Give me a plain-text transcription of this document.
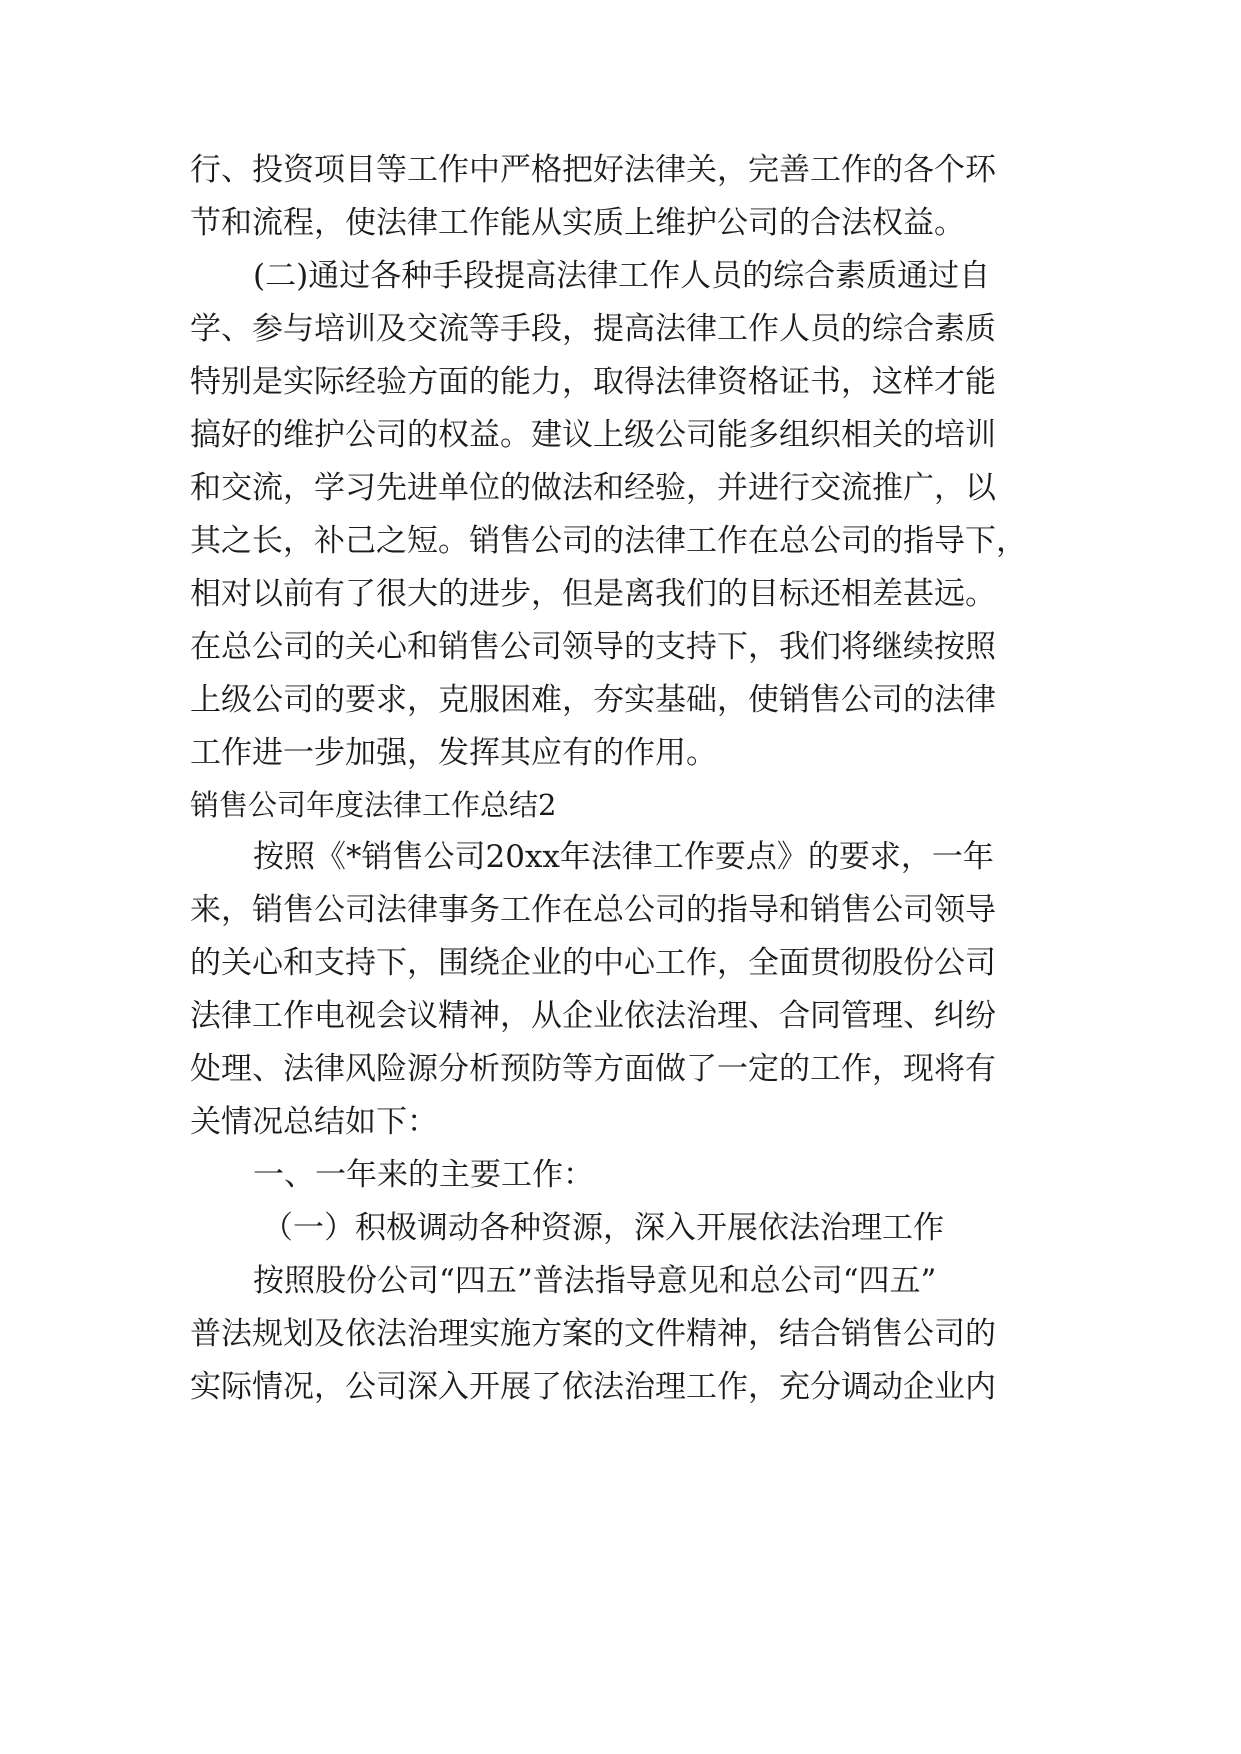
行、投资项目等工作中严格把好法律关，完善工作的各个环
节和流程，使法律工作能从实质上维护公司的合法权益。
(二)通过各种手段提高法律工作人员的综合素质通过自
学、参与培训及交流等手段，提高法律工作人员的综合素质
特别是实际经验方面的能力，取得法律资格证书，这样才能
搞好的维护公司的权益。建议上级公司能多组织相关的培训
和交流，学习先进单位的做法和经验，并进行交流推广，以
其之长，补己之短。销售公司的法律工作在总公司的指导下，
相对以前有了很大的进步，但是离我们的目标还相差甚远。
在总公司的关心和销售公司领导的支持下，我们将继续按照
上级公司的要求，克服困难，夯实基础，使销售公司的法律
工作进一步加强，发挥其应有的作用。
销售公司年度法律工作总结2
按照《*销售公司20xx年法律工作要点》的要求，一年
来，销售公司法律事务工作在总公司的指导和销售公司领导
的关心和支持下，围绕企业的中心工作，全面贯彻股份公司
法律工作电视会议精神，从企业依法治理、合同管理、纠纷
处理、法律风险源分析预防等方面做了一定的工作，现将有
关情况总结如下：
一、一年来的主要工作：
（一）积极调动各种资源，深入开展依法治理工作
按照股份公司“四五”普法指导意见和总公司“四五”
普法规划及依法治理实施方案的文件精神，结合销售公司的
实际情况，公司深入开展了依法治理工作，充分调动企业内
